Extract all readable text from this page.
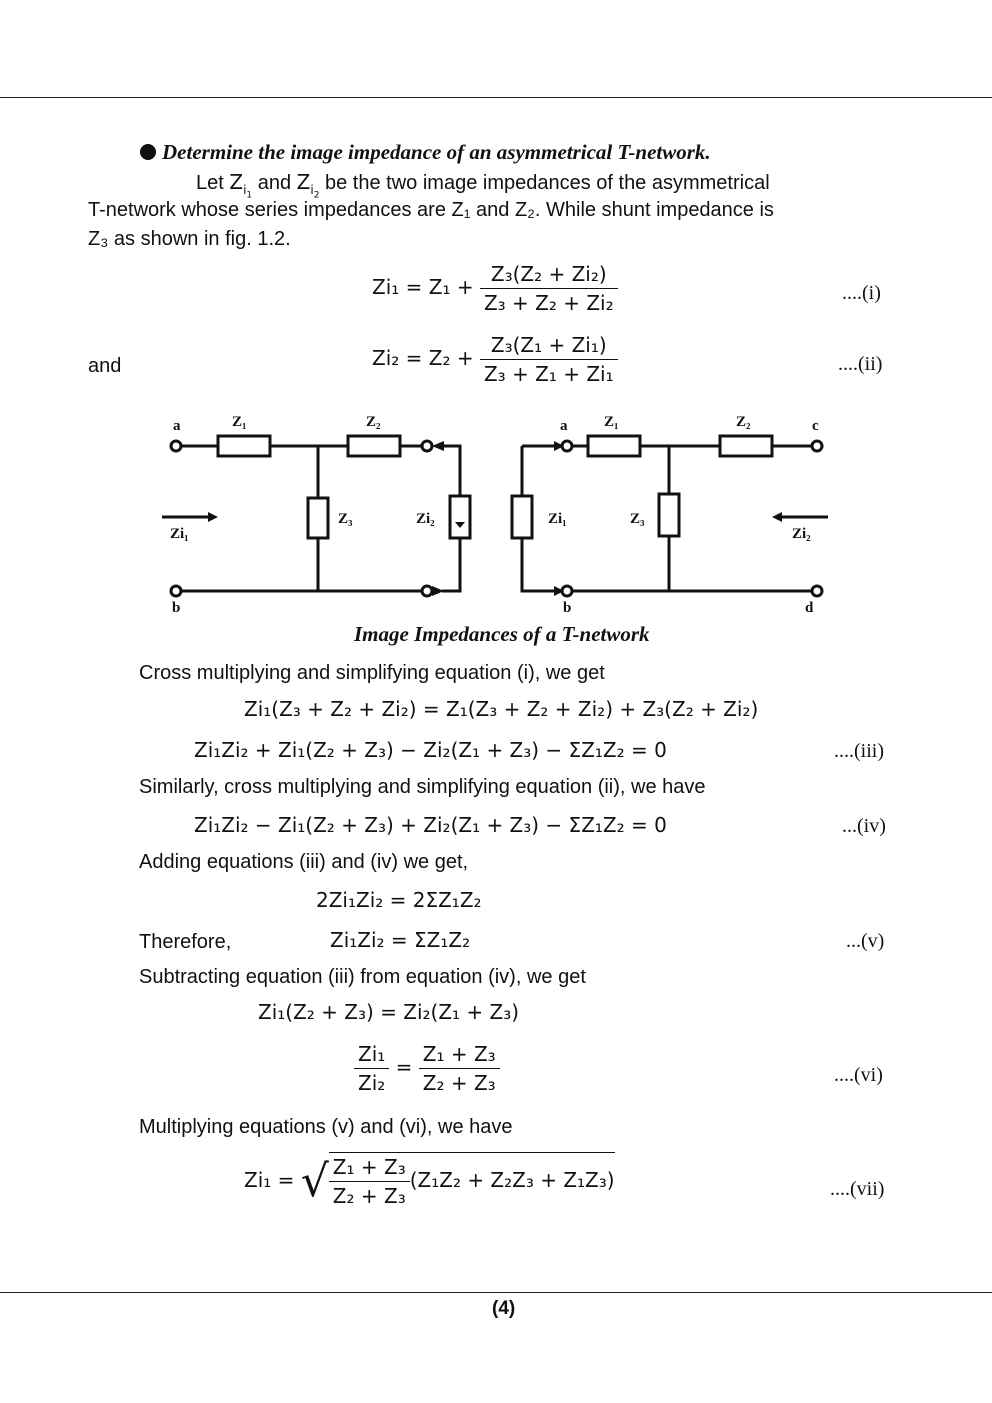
Determine the image impedance of an asymmetrical T-network.
Let $Z_{i_1}$ and $Z_{i_2}$ be the two image impedances of the asymmetrical
T-network whose series impedances are Z₁ and Z₂. While shunt impedance is
Z₃ as shown in fig. 1.2.
$Zi_1 = Z_1 + \frac{\text{Z₃(Z₂ + Zi₂)}}{\text{Z₃ + Z₂ + Zi₂}}$	....(i)
and	$Zi_2 = Z_2 + \frac{\text{Z₃(Z₁ + Zi₁)}}{\text{Z₃ + Z₁ + Zi₁}}$	....(ii)
Z₁	Z₂
Z₃	Zi₂
Zi₁
a
b
Z₁	Z₂
Z₃
Zi₁
Zi₂
a
b
c
d
Image Impedances of a T-network
Cross multiplying and simplifying equation (i), we get
Zi₁(Z₃ + Z₂ + Zi₂) = Z₁(Z₃ + Z₂ + Zi₂) + Z₃(Z₂ + Zi₂)
Zi₁Zi₂ + Zi₁(Z₂ + Z₃) − Zi₂(Z₁ + Z₃) − ΣZ₁Z₂ = 0	....(iii)
Similarly, cross multiplying and simplifying equation (ii), we have
Zi₁Zi₂ − Zi₁(Z₂ + Z₃) + Zi₂(Z₁ + Z₃) − ΣZ₁Z₂ = 0	...(iv)
Adding equations (iii) and (iv) we get,
2Zi₁Zi₂ = 2ΣZ₁Z₂
Therefore,	Zi₁Zi₂ = ΣZ₁Z₂	...(v)
Subtracting equation (iii) from equation (iv), we get
Zi₁(Z₂ + Z₃) = Zi₂(Z₁ + Z₃)
$\frac{\text{Zi₁}}{\text{Zi₂}} = \frac{\text{Z₁ + Z₃}}{\text{Z₂ + Z₃}}$	....(vi)
Multiplying equations (v) and (vi), we have
Zi₁ = √ $\frac{\text{Z₁ + Z₃}}{\text{Z₂ + Z₃}} (Z_1Z_2 + Z_2Z_3 + Z_1Z_3)$	....(vii)
(4)
